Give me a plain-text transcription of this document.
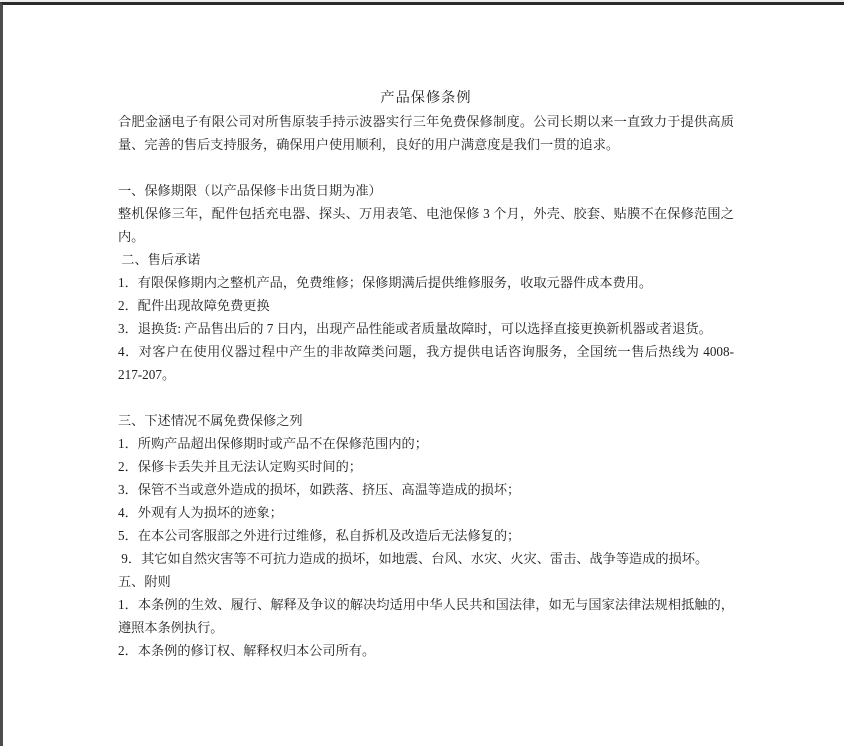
产品保修条例

合肥金涵电子有限公司对所售原装手持示波器实行三年免费保修制度。公司长期以来一直致力于提供高质量、完善的售后支持服务，确保用户使用顺利，良好的用户满意度是我们一贯的追求。

一、保修期限（以产品保修卡出货日期为准）

整机保修三年，配件包括充电器、探头、万用表笔、电池保修 3 个月，外壳、胶套、贴膜不在保修范围之内。

二、售后承诺

1．有限保修期内之整机产品，免费维修；保修期满后提供维修服务，收取元器件成本费用。

2．配件出现故障免费更换

3．退换货: 产品售出后的 7 日内，出现产品性能或者质量故障时，可以选择直接更换新机器或者退货。

4．对客户在使用仪器过程中产生的非故障类问题，我方提供电话咨询服务，全国统一售后热线为 4008-217-207。

三、下述情况不属免费保修之列

1．所购产品超出保修期时或产品不在保修范围内的；

2．保修卡丢失并且无法认定购买时间的；

3．保管不当或意外造成的损坏，如跌落、挤压、高温等造成的损坏；

4．外观有人为损坏的迹象；

5．在本公司客服部之外进行过维修，私自拆机及改造后无法修复的；

9．其它如自然灾害等不可抗力造成的损坏，如地震、台风、水灾、火灾、雷击、战争等造成的损坏。

五、附则

1．本条例的生效、履行、解释及争议的解决均适用中华人民共和国法律，如无与国家法律法规相抵触的，遵照本条例执行。

2．本条例的修订权、解释权归本公司所有。
